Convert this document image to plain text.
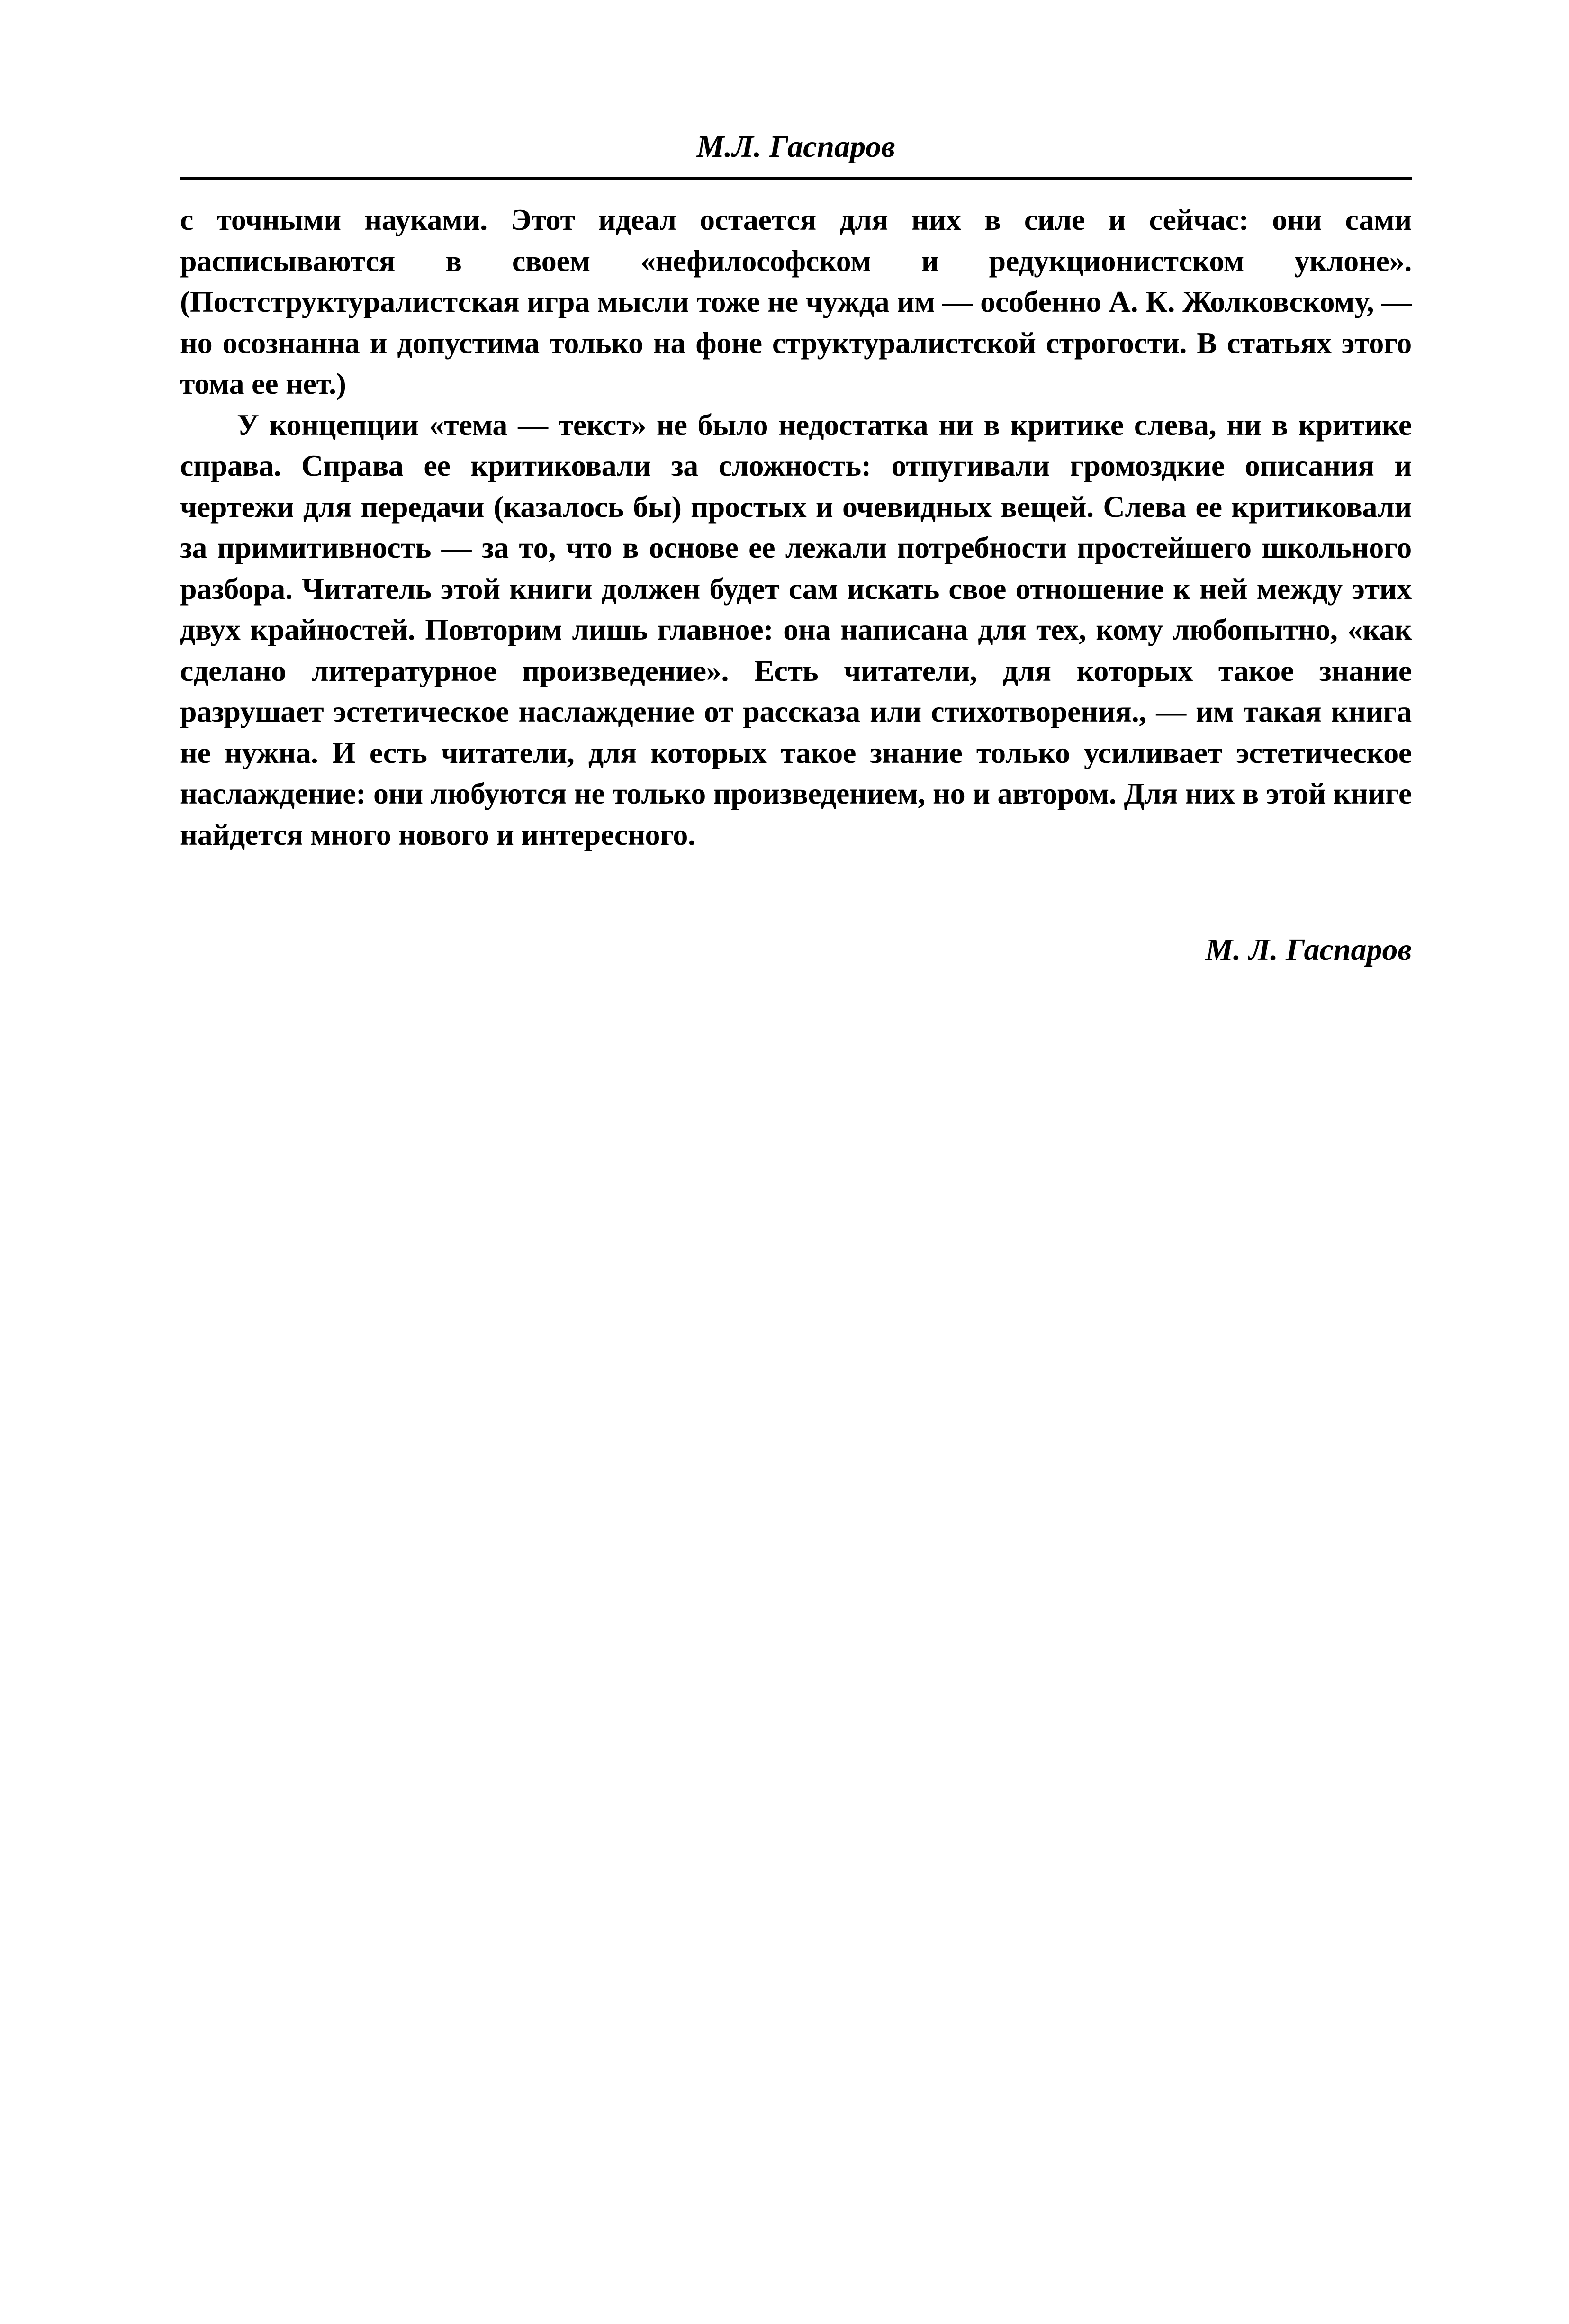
М.Л. Гаспаров

с точными науками. Этот идеал остается для них в силе и сейчас: они сами расписываются в своем «нефилософском и редукционистском уклоне». (Постструктуралистская игра мысли тоже не чужда им — особенно А. К. Жолковскому, — но осознанна и допустима только на фоне структуралистской строгости. В статьях этого тома ее нет.)

У концепции «тема — текст» не было недостатка ни в критике слева, ни в критике справа. Справа ее критиковали за сложность: отпугивали громоздкие описания и чертежи для передачи (казалось бы) простых и очевидных вещей. Слева ее критиковали за примитивность — за то, что в основе ее лежали потребности простейшего школьного разбора. Читатель этой книги должен будет сам искать свое отношение к ней между этих двух крайностей. Повторим лишь главное: она написана для тех, кому любопытно, «как сделано литературное произведение». Есть читатели, для которых такое знание разрушает эстетическое наслаждение от рассказа или стихотворения., — им такая книга не нужна. И есть читатели, для которых такое знание только усиливает эстетическое наслаждение: они любуются не только произведением, но и автором. Для них в этой книге найдется много нового и интересного.

М. Л. Гаспаров
